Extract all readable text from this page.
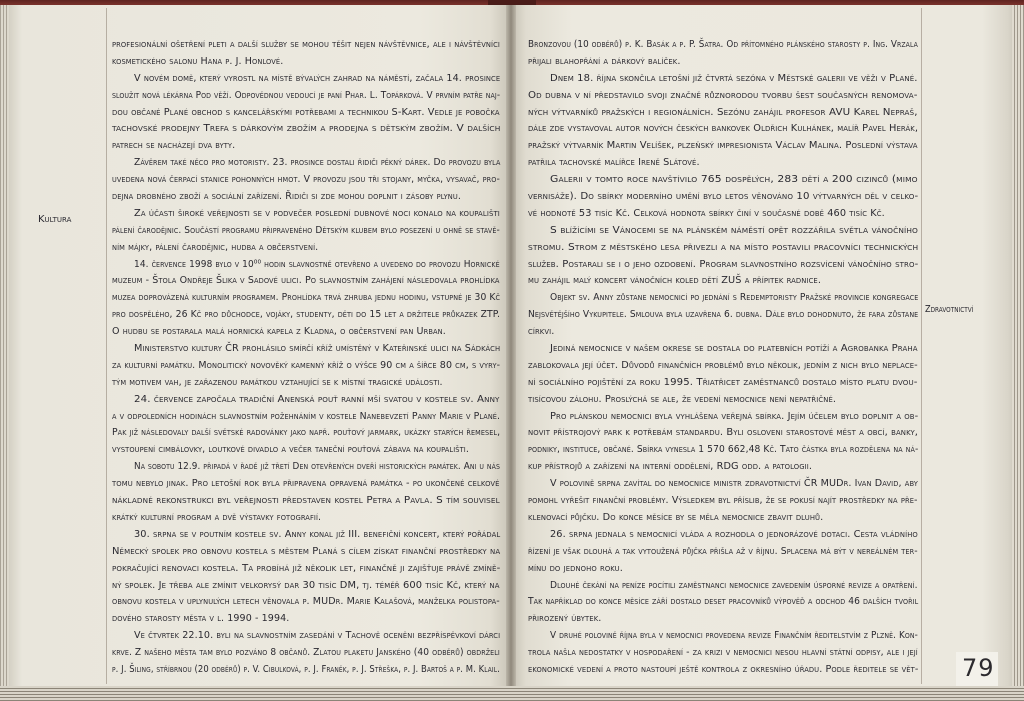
Kultura
Zdravotnictví
profesionální ošetření pleti a další služby se mohou těšit nejen návštěvnice, ale i návštěvníci
kosmetického salonu Hana p. J. Honlové.
V novém domě, který vyrostl na místě bývalých zahrad na náměstí, začala 14. prosince
sloužit nová lékárna Pod věží. Odpovědnou vedoucí je paní Phar. L. Topárková. V prvním patře naj-
dou občané Plané obchod s kancelářskými potřebami a technikou S-Kart. Vedle je pobočka
tachovské prodejny Trefa s dárkovým zbožím a prodejna s dětským zbožím. V dalších
patrech se nacházejí dva byty.
Závěrem také něco pro motoristy. 23. prosince dostali řidiči pěkný dárek. Do provozu byla
uvedena nová čerpací stanice pohonných hmot. V provozu jsou tři stojany, myčka, vysavač, pro-
dejna drobného zboží a sociální zařízení. Řidiči si zde mohou doplnit i zásoby plynu.
Za účasti široké veřejnosti se v podvečer poslední dubnové noci konalo na koupališti
pálení čarodějnic. Součástí programu připraveného Dětským klubem bylo posezení u ohně se stavě-
ním májky, pálení čarodějnic, hudba a občerstvení.
14. července 1998 bylo v 10⁰⁰ hodin slavnostně otevřeno a uvedeno do provozu Hornické
muzeum - Štola Ondřeje Šlika v Sadové ulici. Po slavnostním zahájení následovala prohlídka
muzea doprovázená kulturním programem. Prohlídka trvá zhruba jednu hodinu, vstupné je 30 Kč
pro dospělého, 26 Kč pro důchodce, vojáky, studenty, děti do 15 let a držitele průkazek ZTP.
O hudbu se postarala malá hornická kapela z Kladna, o občerstvení pan Urban.
Ministerstvo kultury ČR prohlásilo smírčí kříž umístěný v Kateřinské ulici na Sádkách
za kulturní památku. Monolitický novověký kamenný kříž o výšce 90 cm a šířce 80 cm, s vyry-
tým motivem vah, je zařazenou památkou vztahující se k místní tragické události.
24. července započala tradiční Anenská pouť ranní mší svatou v kostele sv. Anny
a v odpoledních hodinách slavnostním požehnáním v kostele Nanebevzetí Panny Marie v Plané.
Pak již následovaly další světské radovánky jako např. pouťový jarmark, ukázky starých řemesel,
vystoupení cimbálovky, loutkové divadlo a večer taneční pouťová zábava na koupališti.
Na sobotu 12.9. připadá v řadě již třetí Den otevřených dveří historických památek. Ani u nás
tomu nebylo jinak. Pro letošní rok byla připravena opravená památka - po ukončené celkové
nákladné rekonstrukci byl veřejnosti představen kostel Petra a Pavla. S tím souvisel
krátký kulturní program a dvě výstavky fotografií.
30. srpna se v poutním kostele sv. Anny konal již III. benefiční koncert, který pořádal
Německý spolek pro obnovu kostela s městem Planá s cílem získat finanční prostředky na
pokračující renovaci kostela. Ta probíhá již několik let, finančně ji zajišťuje právě zmíně-
ný spolek. Je třeba ale zmínit velkorysý dar 30 tisíc DM, tj. téměř 600 tisíc Kč, který na
obnovu kostela v uplynulých letech věnovala p. MUDr. Marie Kalašová, manželka polistopa-
dového starosty města v l. 1990 - 1994.
Ve čtvrtek 22.10. byli na slavnostním zasedání v Tachově oceněni bezpříspěvkoví dárci
krve. Z našeho města tam bylo pozváno 8 občanů. Zlatou plaketu Janského (40 odběrů) obdrželi
p. J. Šiling, stříbrnou (20 odběrů) p. V. Cibulková, p. J. Franěk, p. J. Střeška, p. J. Bartoš a p. M. Klail.
Bronzovou (10 odběrů) p. K. Basák a p. P. Šatra. Od přítomného plánského starosty p. Ing. Vrzala
přijali blahopřání a dárkový balíček.
Dnem 18. října skončila letošní již čtvrtá sezóna v Městské galerii ve věži v Plané.
Od dubna v ní představilo svoji značně různorodou tvorbu šest současných renomova-
ných výtvarníků pražských i regionálních. Sezónu zahájil profesor AVU Karel Nepraš,
dále zde vystavoval autor nových českých bankovek Oldřich Kulhánek, malíř Pavel Herák,
pražský výtvarník Martin Velíšek, plzeňský impresionista Václav Malina. Poslední výstava
patřila tachovské malířce Ireně Slátové.
Galerii v tomto roce navštívilo 765 dospělých, 283 dětí a 200 cizinců (mimo
vernisáže). Do sbírky moderního umění bylo letos věnováno 10 výtvarných děl v celko-
vé hodnotě 53 tisíc Kč. Celková hodnota sbírky činí v současné době 460 tisíc Kč.
S blížícími se Vánocemi se na plánském náměstí opět rozzářila světla vánočního
stromu. Strom z městského lesa přivezli a na místo postavili pracovníci technických
služeb. Postarali se i o jeho ozdobení. Program slavnostního rozsvícení vánočního stro-
mu zahájil malý koncert vánočních koled dětí ZUŠ a přípitek radnice.
Objekt sv. Anny zůstane nemocnicí po jednání s Redemptoristy Pražské provincie kongregace
Nejsvětějšího Vykupitele. Smlouva byla uzavřena 6. dubna. Dále bylo dohodnuto, že fara zůstane
církvi.
Jediná nemocnice v našem okrese se dostala do platebních potíží a Agrobanka Praha
zablokovala její účet. Důvodů finančních problémů bylo několik, jedním z nich bylo neplace-
ní sociálního pojištění za roku 1995. Třiatřicet zaměstnanců dostalo místo platu dvou-
tisícovou zálohu. Proslýchá se ale, že vedení nemocnice není nepatřičné.
Pro plánskou nemocnici byla vyhlášena veřejná sbírka. Jejím účelem bylo doplnit a ob-
novit přístrojový park k potřebám standardu. Byli osloveni starostové měst a obcí, banky,
podniky, instituce, občané. Sbírka vynesla 1 570 662,48 Kč. Tato částka byla rozdělena na ná-
kup přístrojů a zařízení na interní oddělení, RDG odd. a patologii.
V polovině srpna zavítal do nemocnice ministr zdravotnictví ČR MUDr. Ivan David, aby
pomohl vyřešit finanční problémy. Výsledkem byl příslib, že se pokusí najít prostředky na pře-
klenovací půjčku. Do konce měsíce by se měla nemocnice zbavit dluhů.
26. srpna jednala s nemocnicí vláda a rozhodla o jednorázové dotaci. Cesta vládního
řízení je však dlouhá a tak vytoužená půjčka přišla až v říjnu. Splacena má být v nereálném ter-
mínu do jednoho roku.
Dlouhé čekání na peníze pocítili zaměstnanci nemocnice zavedením úsporné revize a opatření.
Tak například do konce měsíce září dostalo deset pracovníků výpověď a odchod 46 dalších tvořil
přirozený úbytek.
V druhé polovině října byla v nemocnici provedena revize Finančním ředitelstvím z Plzně. Kon-
trola našla nedostatky v hospodaření - za krizi v nemocnici nesou hlavní státní odpisy, ale i její
ekonomické vedení a proto nastoupí ještě kontrola z okresního úřadu. Podle ředitele se vět- 79
